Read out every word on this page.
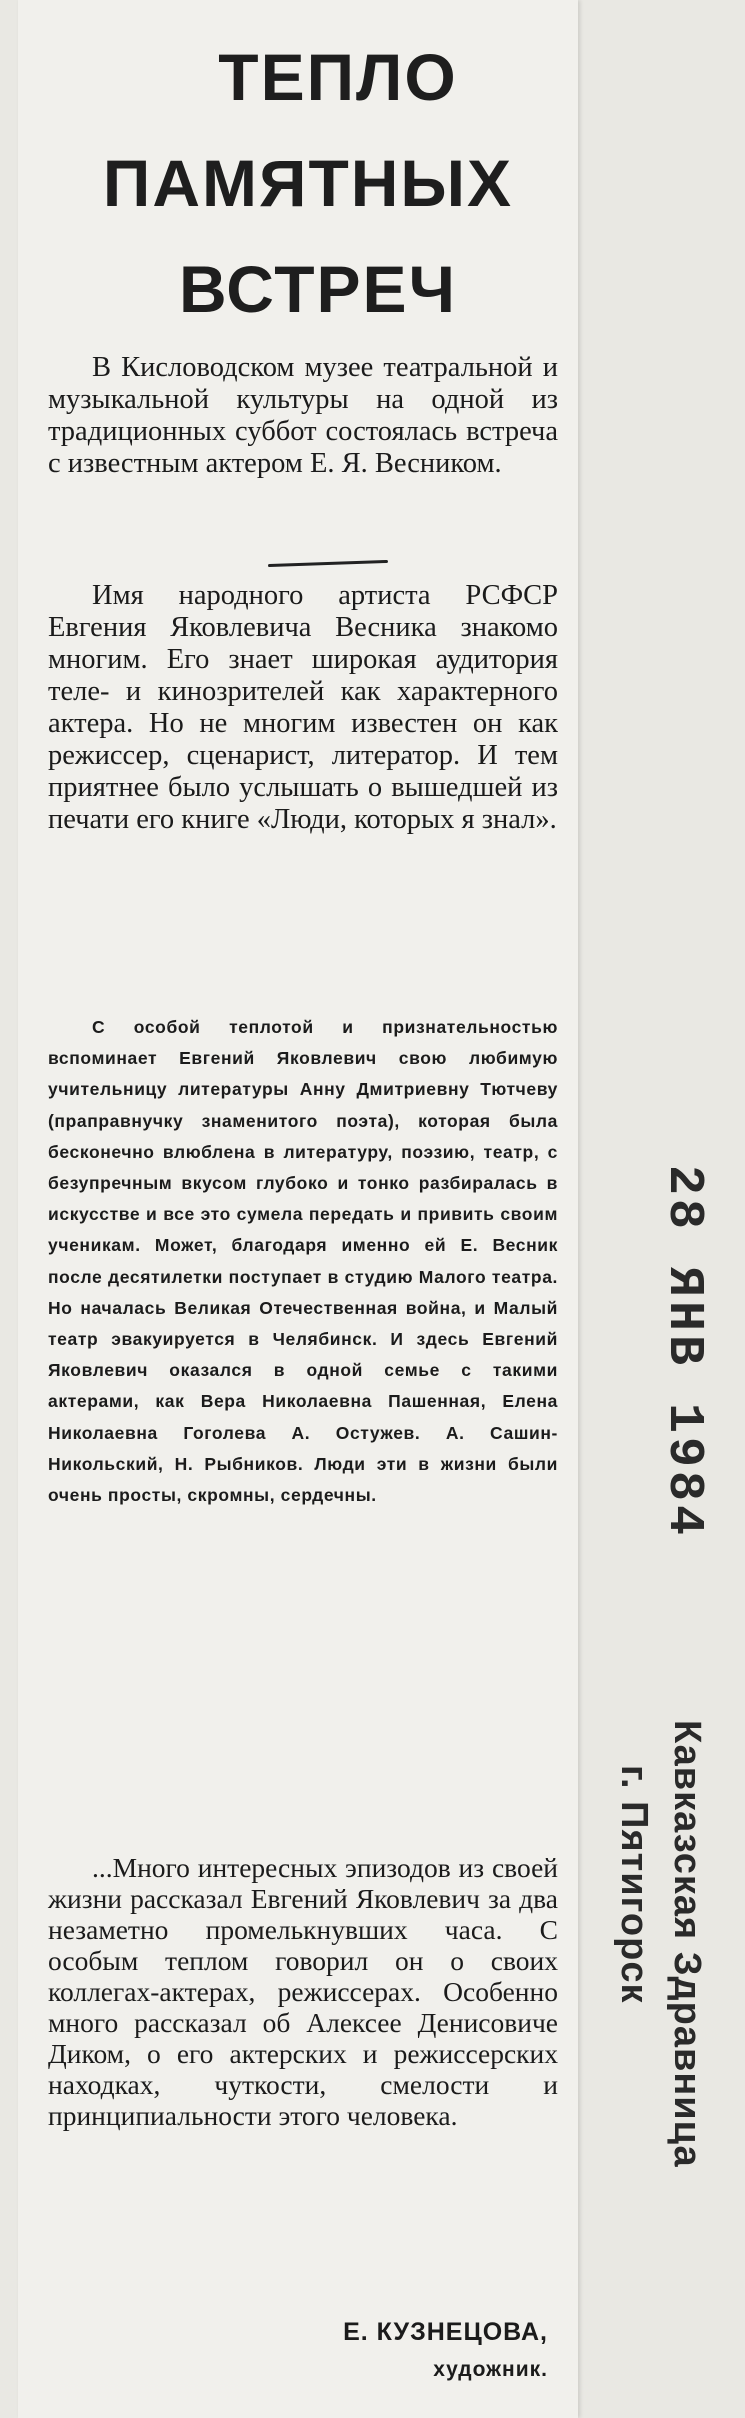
ТЕПЛО
ПАМЯТНЫХ
ВСТРЕЧ

В Кисловодском музее театральной и музыкальной культуры на одной из традиционных суббот состоялась встреча с известным актером Е. Я. Весником.

Имя народного артиста РСФСР Евгения Яковлевича Весника знакомо многим. Его знает широкая аудитория теле- и кинозрителей как характерного актера. Но не многим известен он как режиссер, сценарист, литератор. И тем приятнее было услышать о вышедшей из печати его книге «Люди, которых я знал».

С особой теплотой и признательностью вспоминает Евгений Яковлевич свою любимую учительницу литературы Анну Дмитриевну Тютчеву (праправнучку знаменитого поэта), которая была бесконечно влюблена в литературу, поэзию, театр, с безупречным вкусом глубоко и тонко разбиралась в искусстве и все это сумела передать и привить своим ученикам. Может, благодаря именно ей Е. Весник после десятилетки поступает в студию Малого театра. Но началась Великая Отечественная война, и Малый театр эвакуируется в Челябинск. И здесь Евгений Яковлевич оказался в одной семье с такими актерами, как Вера Николаевна Пашенная, Елена Николаевна Гоголева А. Остужев. А. Сашин-Никольский, Н. Рыбников. Люди эти в жизни были очень просты, скромны, сердечны.

...Много интересных эпизодов из своей жизни рассказал Евгений Яковлевич за два незаметно промелькнувших часа. С особым теплом говорил он о своих коллегах-актерах, режиссерах. Особенно много рассказал об Алексее Денисовиче Диком, о его актерских и режиссерских находках, чуткости, смелости и принципиальности этого человека.

Е. КУЗНЕЦОВА,
художник.
28 ЯНВ 1984
Кавказская Здравница
г. Пятигорск
